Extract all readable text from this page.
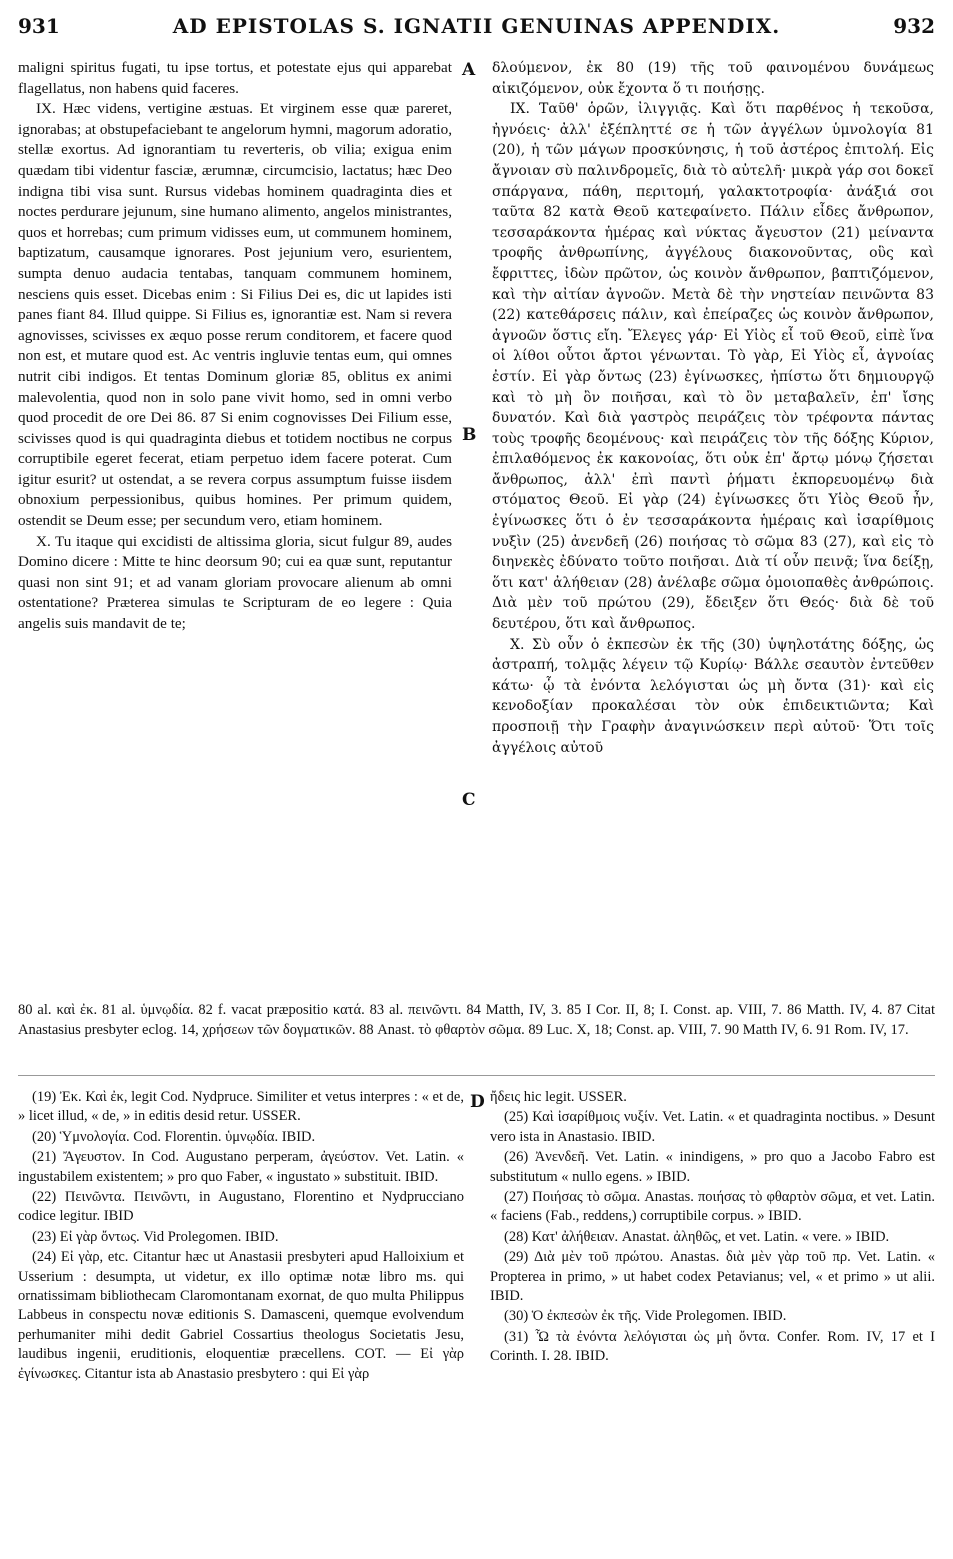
931	AD EPISTOLAS S. IGNATII GENUINAS APPENDIX.	932

maligni spiritus fugati, tu ipse tortus, et potestate ejus qui apparebat flagellatus, non habens quid faceres.

IX. Hæc videns, vertigine æstuas. Et virginem esse quæ pareret, ignorabas; at obstupefaciebant te angelorum hymni, magorum adoratio, stellæ exortus. Ad ignorantiam tu reverteris, ob vilia; exigua enim quædam tibi videntur fasciæ, ærumnæ, circumcisio, lactatus; hæc Deo indigna tibi visa sunt. Rursus videbas hominem quadraginta dies et noctes perdurare jejunum, sine humano alimento, angelos ministrantes, quos et horrebas; cum primum vidisses eum, ut communem hominem, baptizatum, causamque ignorares. Post jejunium vero, esurientem, sumpta denuo audacia tentabas, tanquam communem hominem, nesciens quis esset. Dicebas enim : Si Filius Dei es, dic ut lapides isti panes fiant 84. Illud quippe. Si Filius es, ignorantiæ est. Nam si revera agnovisses, scivisses ex æquo posse rerum conditorem, et facere quod non est, et mutare quod est. Ac ventris ingluvie tentas eum, qui omnes nutrit cibi indigos. Et tentas Dominum gloriæ 85, oblitus ex animi malevolentia, quod non in solo pane vivit homo, sed in omni verbo quod procedit de ore Dei 86. 87 Si enim cognovisses Dei Filium esse, scivisses quod is qui quadraginta diebus et totidem noctibus ne corpus corruptibile egeret fecerat, etiam perpetuo idem facere poterat. Cum igitur esurit? ut ostendat, a se revera corpus assumptum fuisse iisdem obnoxium perpessionibus, quibus homines. Per primum quidem, ostendit se Deum esse; per secundum vero, etiam hominem.

X. Tu itaque qui excidisti de altissima gloria, sicut fulgur 89, audes Domino dicere : Mitte te hinc deorsum 90; cui ea quæ sunt, reputantur quasi non sint 91; et ad vanam gloriam provocare alienum ab omni ostentatione? Præterea simulas te Scripturam de eo legere : Quia angelis suis mandavit de te;

A
B
C

δλούμενον, ἐκ 80 (19) τῆς τοῦ φαινομένου δυνάμεως αἰκιζόμενον, οὐκ ἔχοντα ὅ τι ποιήσῃς.

IX. Ταῦθ' ὁρῶν, ἰλιγγιᾷς. Καὶ ὅτι παρθένος ἡ τεκοῦσα, ἠγνόεις· ἀλλ' ἐξέπληττέ σε ἡ τῶν ἀγγέλων ὑμνολογία 81 (20), ἡ τῶν μάγων προσκύνησις, ἡ τοῦ ἀστέρος ἐπιτολή. Εἰς ἄγνοιαν σὺ παλινδρομεῖς, διὰ τὸ αὐτελῆ· μικρὰ γάρ σοι δοκεῖ σπάργανα, πάθη, περιτομή, γαλακτοτροφία· ἀνάξιά σοι ταῦτα 82 κατὰ Θεοῦ κατεφαίνετο. Πάλιν εἶδες ἄνθρωπον, τεσσαράκοντα ἡμέρας καὶ νύκτας ἄγευστον (21) μείναντα τροφῆς ἀνθρωπίνης, ἀγγέλους διακονοῦντας, οὓς καὶ ἔφριττες, ἰδὼν πρῶτον, ὡς κοινὸν ἄνθρωπον, βαπτιζόμενον, καὶ τὴν αἰτίαν ἀγνοῶν. Μετὰ δὲ τὴν νηστείαν πεινῶντα 83 (22) κατεθάρσεις πάλιν, καὶ ἐπείραζες ὡς κοινὸν ἄνθρωπον, ἀγνοῶν ὅστις εἴη. Ἔλεγες γάρ· Εἰ Υἱὸς εἶ τοῦ Θεοῦ, εἰπὲ ἵνα οἱ λίθοι οὗτοι ἄρτοι γένωνται. Τὸ γὰρ, Εἰ Υἱὸς εἶ, ἀγνοίας ἐστίν. Εἰ γὰρ ὄντως (23) ἐγίνωσκες, ἠπίστω ὅτι δημιουργῷ καὶ τὸ μὴ ὂν ποιῆσαι, καὶ τὸ ὂν μεταβαλεῖν, ἐπ' ἴσης δυνατόν. Καὶ διὰ γαστρὸς πειράζεις τὸν τρέφοντα πάντας τοὺς τροφῆς δεομένους· καὶ πειράζεις τὸν τῆς δόξης Κύριον, ἐπιλαθόμενος ἐκ κακονοίας, ὅτι οὐκ ἐπ' ἄρτῳ μόνῳ ζήσεται ἄνθρωπος, ἀλλ' ἐπὶ παντὶ ῥήματι ἐκπορευομένῳ διὰ στόματος Θεοῦ. Εἰ γὰρ (24) ἐγίνωσκες ὅτι Υἱὸς Θεοῦ ἦν, ἐγίνωσκες ὅτι ὁ ἐν τεσσαράκοντα ἡμέραις καὶ ἰσαρίθμοις νυξὶν (25) ἀνενδεῆ (26) ποιήσας τὸ σῶμα 83 (27), καὶ εἰς τὸ διηνεκὲς ἐδύνατο τοῦτο ποιῆσαι. Διὰ τί οὖν πεινᾷ; ἵνα δείξῃ, ὅτι κατ' ἀλήθειαν (28) ἀνέλαβε σῶμα ὁμοιοπαθὲς ἀνθρώποις. Διὰ μὲν τοῦ πρώτου (29), ἔδειξεν ὅτι Θεός· διὰ δὲ τοῦ δευτέρου, ὅτι καὶ ἄνθρωπος.

X. Σὺ οὖν ὁ ἐκπεσὼν ἐκ τῆς (30) ὑψηλοτάτης δόξης, ὡς ἀστραπή, τολμᾷς λέγειν τῷ Κυρίῳ· Βάλλε σεαυτὸν ἐντεῦθεν κάτω· ᾧ τὰ ἐνόντα λελόγισται ὡς μὴ ὄντα (31)· καὶ εἰς κενοδοξίαν προκαλέσαι τὸν οὐκ ἐπιδεικτιῶντα; Καὶ προσποιῇ τὴν Γραφὴν ἀναγινώσκειν περὶ αὐτοῦ· Ὅτι τοῖς ἀγγέλοις αὐτοῦ

80 al. καὶ ἐκ. 81 al. ὑμνῳδία. 82 f. vacat præpositio κατά. 83 al. πεινῶντι. 84 Matth, IV, 3. 85 I Cor. II, 8; I. Const. ap. VIII, 7. 86 Matth. IV, 4. 87 Citat Anastasius presbyter eclog. 14, χρήσεων τῶν δογματικῶν. 88 Anast. τὸ φθαρτὸν σῶμα. 89 Luc. X, 18; Const. ap. VIII, 7. 90 Matth IV, 6. 91 Rom. IV, 17.

(19) Ἐκ. Καὶ ἐκ, legit Cod. Nydpruce. Similiter et vetus interpres : « et de, » licet illud, « de, » in editis desid retur. USSER.

(20) Ὑμνολογία. Cod. Florentin. ὑμνῳδία. IBID.

(21) Ἄγευστον. In Cod. Augustano perperam, ἀγεύστον. Vet. Latin. « ingustabilem existentem; » pro quo Faber, « ingustato » substituit. IBID.

(22) Πεινῶντα. Πεινῶντι, in Augustano, Florentino et Nydprucciano codice legitur. IBID

(23) Εἰ γὰρ ὄντως. Vid Prolegomen. IBID.

(24) Εἰ γὰρ, etc. Citantur hæc ut Anastasii presbyteri apud Halloixium et Usserium : desumpta, ut videtur, ex illo optimæ notæ libro ms. qui ornatissimam bibliothecam Claromontanam exornat, de quo multa Philippus Labbeus in conspectu novæ editionis S. Damasceni, quemque evolvendum perhumaniter mihi dedit Gabriel Cossartius theologus Societatis Jesu, laudibus ingenii, eruditionis, eloquentiæ præcellens. COT. — Εἰ γὰρ ἐγίνωσκες. Citantur ista ab Anastasio presbytero : qui Εἰ γὰρ

D ἤδεις hic legit. USSER.

(25) Καὶ ἰσαρίθμοις νυξίν. Vet. Latin. « et quadraginta noctibus. » Desunt vero ista in Anastasio. IBID.

(26) Ἀνενδεῆ. Vet. Latin. « inindigens, » pro quo a Jacobo Fabro est substitutum « nullo egens. » IBID.

(27) Ποιήσας τὸ σῶμα. Anastas. ποιήσας τὸ φθαρτὸν σῶμα, et vet. Latin. « faciens (Fab., reddens,) corruptibile corpus. » IBID.

(28) Κατ' ἀλήθειαν. Anastat. ἀληθῶς, et vet. Latin. « vere. » IBID.

(29) Διὰ μὲν τοῦ πρώτου. Anastas. διὰ μὲν γὰρ τοῦ πρ. Vet. Latin. « Propterea in primo, » ut habet codex Petavianus; vel, « et primo » ut alii. IBID.

(30) Ὁ ἐκπεσὼν ἐκ τῆς. Vide Prolegomen. IBID.

(31) Ὧ τὰ ἐνόντα λελόγισται ὡς μὴ ὄντα. Confer. Rom. IV, 17 et I Corinth. I. 28. IBID.
